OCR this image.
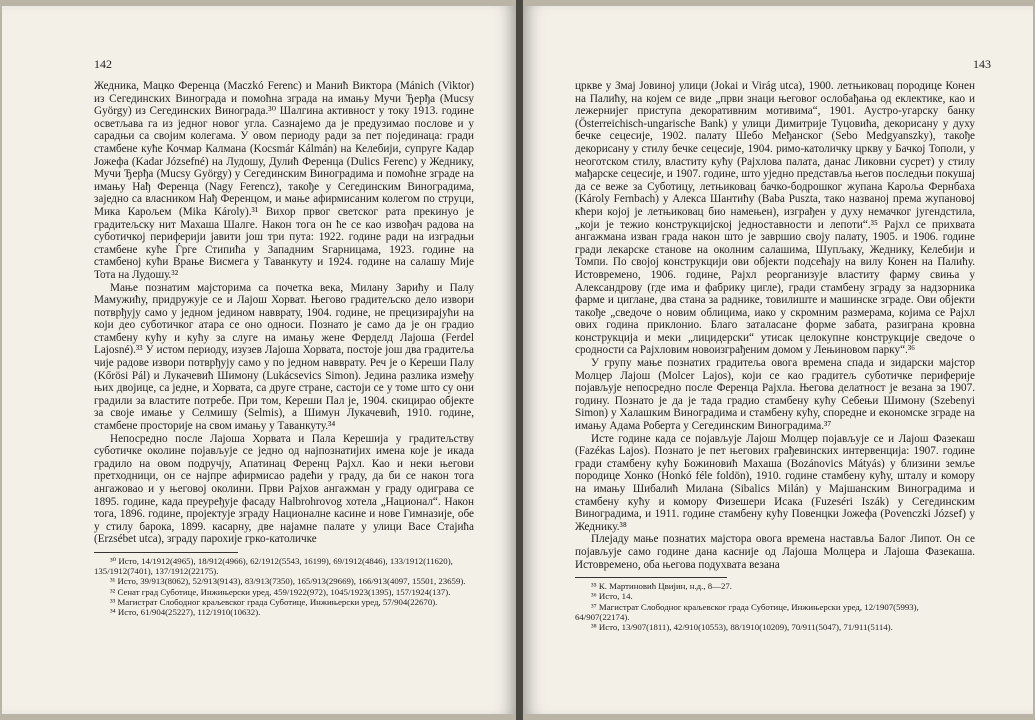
142

Жедника, Мацко Ференца (Maczkó Ferenc) и Манић Виктора (Mánich (Viktor) из Сегединских Винограда и помоћна зграда на имању Мучи Ђерђа (Mucsy György) из Сегединских Винограда.³⁰ Шалгина активност у току 1913. године осветљава га из једног новог угла. Сазнајемо да је предузимао послове и у сарадњи са својим колегама. У овом периоду ради за пет појединаца: гради стамбене куће Кочмар Калмана (Kocsmár Kálmán) на Келебији, супруге Кадар Јожефа (Kadar Józsefné) на Лудошу, Дулић Ференца (Dulics Ferenc) у Жеднику, Мучи Ђерђа (Mucsy György) у Сегединским Виноградима и помоћне зграде на имању Нађ Ференца (Nagy Ferencz), такође у Сегединским Виноградима, заједно са власником Нађ Ференцом, и мање афирмисаним колегом по струци, Мика Карољем (Mika Károly).³¹ Вихор првог светског рата прекинуо је градитељску нит Махаша Шалге. Након тога он ће се као извођач радова на суботичкој периферији јавити још три пута: 1922. године ради на изградњи стамбене куће Ѓрге Стипића у Западним Ѕгарницама, 1923. године на стамбеној кући Врање Висмега у Таванкуту и 1924. године на салашу Мије Тота на Лудошу.³²

Мање познатим мајсторима са почетка века, Милану Зарићу и Палу Мамужићу, придружује се и Лајош Хорват. Његово градитељско дело извори потврђују само у једном једином навврату, 1904. године, не прецизирајући на који део суботичког атара се оно односи. Познато је само да је он градио стамбену кућу и кућу за слуге на имању жене Ферделд Лајоша (Ferdel Lajosné).³³ У истом периоду, изузев Лајоша Хорвата, постоје још два градитеља чије радове извори потврђују само у по једном навврату. Реч је о Кереши Палу (Kőrösi Pál) и Лукачевић Шимону (Lukácsevics Simon). Једина разлика између њих двојице, са једне, и Хорвата, са друге стране, састоји се у томе што су они градили за властите потребе. При том, Кереши Пал је, 1904. скицирао објекте за своје имање у Селмишу (Selmis), а Шимун Лукачевић, 1910. године, стамбене просторије на свом имању у Таванкуту.³⁴

Непосредно после Лајоша Хорвата и Пала Керешија у градитељству суботичке околине појављује се једно од најпознатијих имена које је икада градило на овом подручју, Апатинац Ференц Рајхл. Као и неки његови претходници, он се најпре афирмисао радећи у граду, да би се након тога ангажовао и у његовој околини. Први Рајхов ангажман у граду одиграва се 1895. године, када преуређује фасаду Halbrohrovog хотела „Национал“. Након тога, 1896. године, пројектује зграду Националне касине и нове Гимназије, обе у стилу барока, 1899. касарну, две најамне палате у улици Васе Стајића (Erzsébet utca), зграду парохије грко-католичке

³⁰ Исто, 14/1912(4965), 18/912(4966), 62/1912(5543, 16199), 69/1912(4846), 133/1912(11620), 135/1912(7401), 137/1912(22175).

³¹ Исто, 39/913(8062), 52/913(9143), 83/913(7350), 165/913(29669), 166/913(4097, 15501, 23659).

³² Сенат град Суботице, Инжињерски уред, 459/1922(972), 1045/1923(1395), 157/1924(137).

³³ Магистрат Слободног краљевског града Суботице, Инжињерски уред, 57/904(22670).

³⁴ Исто, 61/904(25227), 112/1910(10632).

143

цркве у Змај Јовиној улици (Jokai и Virág utca), 1900. летњиковац породице Конен на Палићу, на којем се виде „први знаци његовог ослобађања од еклектике, као и лежернијег приступа декоративним мотивима“, 1901. Аустро-угарску банку (Österreichisch-ungarische Bank) у улици Димитрије Туцовића, декорисану у духу бечке сецесије, 1902. палату Шебо Међанског (Sebo Medgyanszky), такође декорисану у стилу бечке сецесије, 1904. римо-католичку цркву у Бачкој Тополи, у неоготском стилу, властиту кућу (Рајхлова палата, данас Ликовни сусрет) у стилу мађарске сецесије, и 1907. године, што уједно представља његов последњи покушај да се веже за Суботицу, летњиковац бачко-бодрошког жупана Карољa Фернбаха (Károly Fernbach) у Алекса Шантићу (Baba Puszta, тако названој према жупановој кћери којој је летњиковац био намењен), изграђен у духу немачког југендстила, „који је тежио конструкцијској једноставности и лепоти“.³⁵ Рајхл се прихвата ангажмана изван града након што је завршио своју палату, 1905. и 1906. године гради лекарске станове на околним салашима, Шупљаку, Жеднику, Келебији и Томпи. По својој конструкцији ови објекти подсећају на вилу Конен на Палићу. Истовремено, 1906. године, Рајхл реорганизује властиту фарму свиња у Александрову (где има и фабрику цигле), гради стамбену зграду за надзорника фарме и циглане, два стана за раднике, товилиште и машинске зграде. Ови објекти такође „сведоче о новим облицима, иако у скромним размерама, којима се Рајхл овиx година приклонио. Благо заталасане форме забата, разиграна кровна конструкција и меки „лицидерски“ утисак целокупне конструкције сведоче о сродности са Рајхловим новоизграђеним домом у Лењиновом парку“.³⁶

У групу мање познатих градитеља овога времена спада и зидарски мајстор Молцер Лајош (Molcer Lajos), који се као градитељ суботичке периферије појављује непосредно после Ференца Рајхла. Његова делатност је везана за 1907. годину. Познато је да је тада градио стамбену кућу Себењи Шимону (Szebenyi Simon) у Халашким Виноградима и стамбену кућу, споредне и економске зграде на имању Адама Роберта у Сегединским Виноградима.³⁷

Исте године када се појављује Лајош Молцер појављује се и Лајош Фазекаш (Fazékas Lajos). Познато је пет његових грађевинских интервенција: 1907. године гради стамбену кућу Божиновић Махаша (Bozánovics Mátyás) у близини земље породице Хонко (Honkó féle foldön), 1910. године стамбену кућу, шталу и комору на имању Шибалић Милана (Sibalics Milán) у Мајшанским Виноградима и стамбену кућу и комору Физешери Исака (Fuzeséri Iszák) у Сегединским Виноградима, и 1911. године стамбену кућу Повенцки Јожефа (Povenczki József) у Жеднику.³⁸

Плејаду мање познатих мајстора овога времена наставља Балог Липот. Он се појављује само године дана касније од Лајоша Молцера и Лајоша Фазекаша. Истовремено, оба његова подухвата везана

³⁵ К. Мартиновић Цвијин, н.д., 8—27.

³⁶ Исто, 14.

³⁷ Магистрат Слободног краљевског града Суботице, Инжињерски уред, 12/1907(5993), 64/907(22174).

³⁸ Исто, 13/907(1811), 42/910(10553), 88/1910(10209), 70/911(5047), 71/911(5114).
